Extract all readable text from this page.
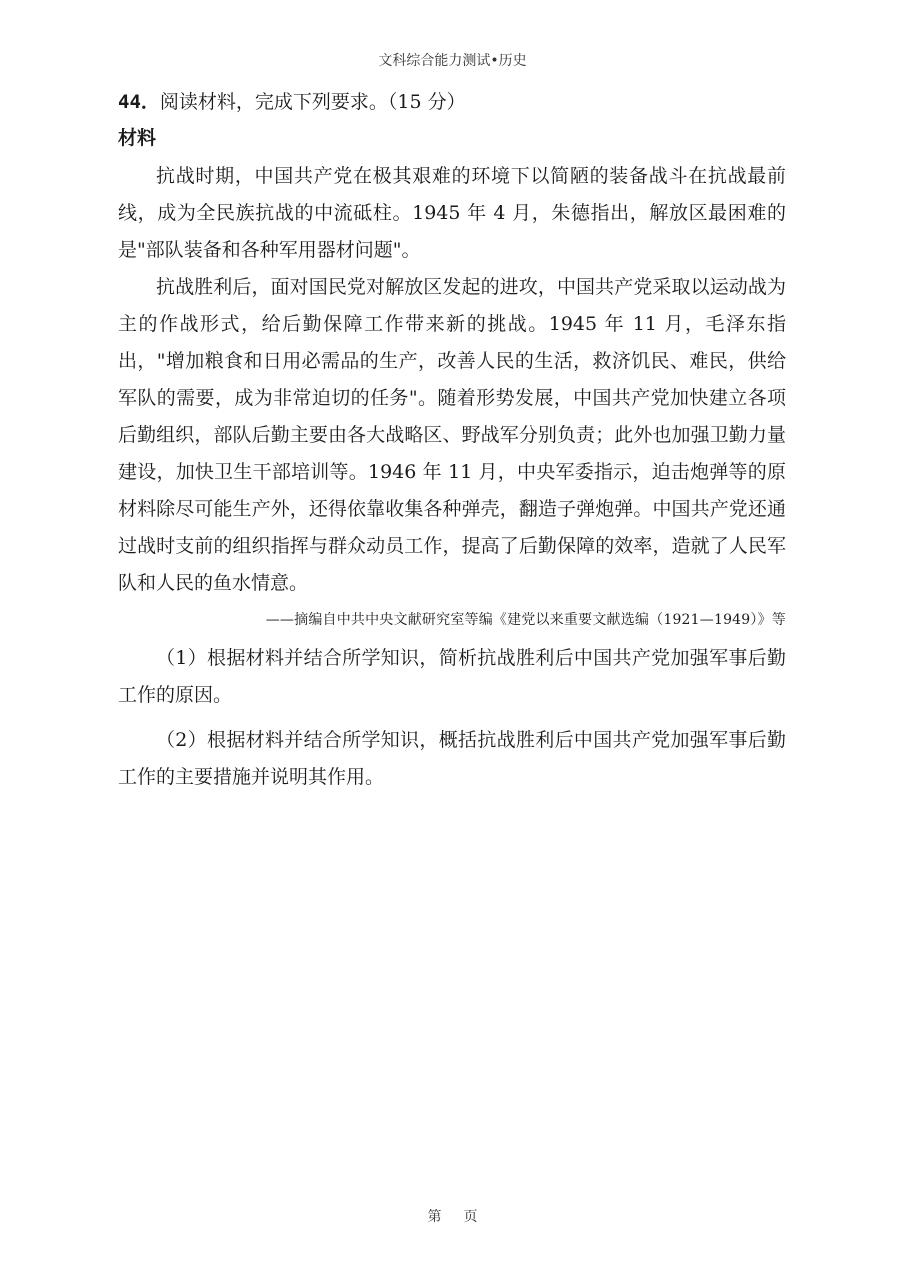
文科综合能力测试•历史
44．阅读材料，完成下列要求。（15 分）
材料

抗战时期，中国共产党在极其艰难的环境下以简陋的装备战斗在抗战最前线，成为全民族抗战的中流砥柱。1945 年 4 月，朱德指出，解放区最困难的是"部队装备和各种军用器材问题"。

抗战胜利后，面对国民党对解放区发起的进攻，中国共产党采取以运动战为主的作战形式，给后勤保障工作带来新的挑战。1945 年 11 月，毛泽东指出，"增加粮食和日用必需品的生产，改善人民的生活，救济饥民、难民，供给军队的需要，成为非常迫切的任务"。随着形势发展，中国共产党加快建立各项后勤组织，部队后勤主要由各大战略区、野战军分别负责；此外也加强卫勤力量建设，加快卫生干部培训等。1946 年 11 月，中央军委指示，迫击炮弹等的原材料除尽可能生产外，还得依靠收集各种弹壳，翻造子弹炮弹。中国共产党还通过战时支前的组织指挥与群众动员工作，提高了后勤保障的效率，造就了人民军队和人民的鱼水情意。

——摘编自中共中央文献研究室等编《建党以来重要文献选编（1921—1949）》等

（1）根据材料并结合所学知识，简析抗战胜利后中国共产党加强军事后勤工作的原因。

（2）根据材料并结合所学知识，概括抗战胜利后中国共产党加强军事后勤工作的主要措施并说明其作用。

第 页
